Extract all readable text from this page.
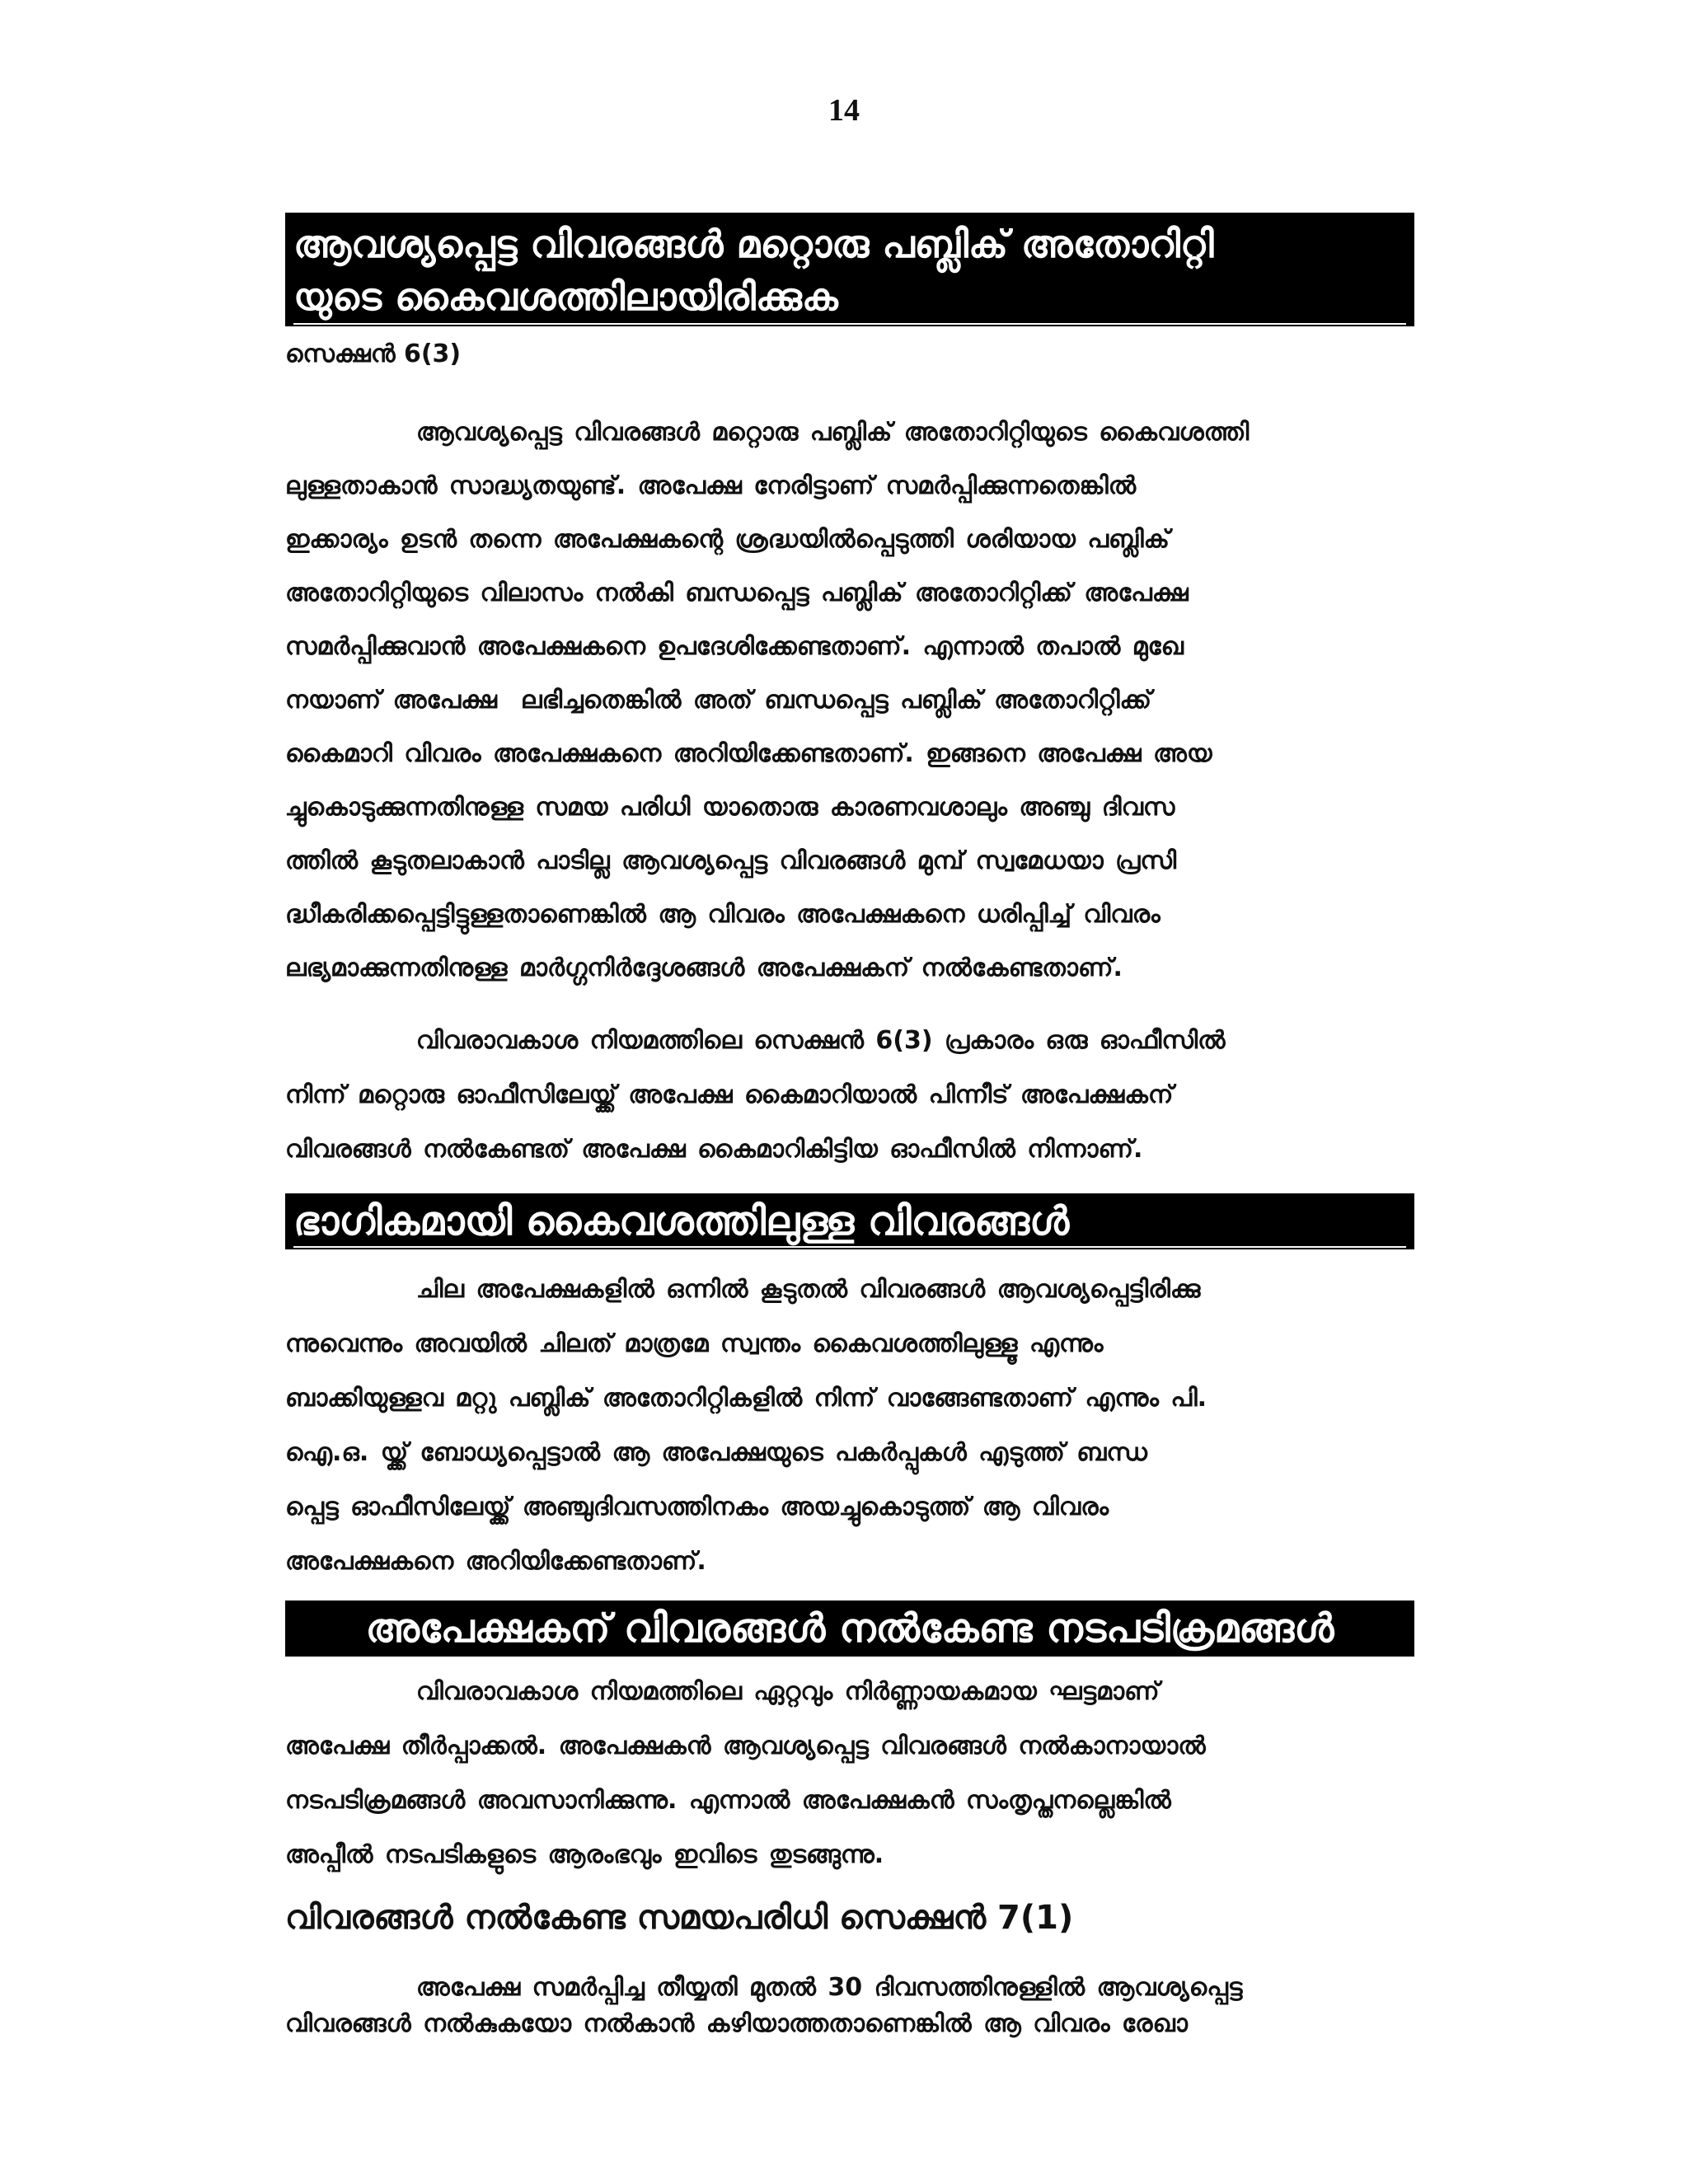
14
ആവശ്യപ്പെട്ട വിവരങ്ങൾ മറ്റൊരു പബ്ലിക് അതോറിറ്റി
യുടെ കൈവശത്തിലായിരിക്കുക
സെക്ഷൻ 6(3)
ആവശ്യപ്പെട്ട വിവരങ്ങൾ മറ്റൊരു പബ്ലിക് അതോറിറ്റിയുടെ കൈവശത്തി
ലുള്ളതാകാൻ സാദ്ധ്യതയുണ്ട്. അപേക്ഷ നേരിട്ടാണ് സമർപ്പിക്കുന്നതെങ്കിൽ
ഇക്കാര്യം ഉടൻ തന്നെ അപേക്ഷകന്റെ ശ്രദ്ധയിൽപ്പെടുത്തി ശരിയായ പബ്ലിക്
അതോറിറ്റിയുടെ വിലാസം നൽകി ബന്ധപ്പെട്ട പബ്ലിക് അതോറിറ്റിക്ക് അപേക്ഷ
സമർപ്പിക്കുവാൻ അപേക്ഷകനെ ഉപദേശിക്കേണ്ടതാണ്. എന്നാൽ തപാൽ മുഖേ
നയാണ് അപേക്ഷ  ലഭിച്ചതെങ്കിൽ അത് ബന്ധപ്പെട്ട പബ്ലിക് അതോറിറ്റിക്ക്
കൈമാറി വിവരം അപേക്ഷകനെ അറിയിക്കേണ്ടതാണ്. ഇങ്ങനെ അപേക്ഷ അയ
ച്ചുകൊടുക്കുന്നതിനുള്ള സമയ പരിധി യാതൊരു കാരണവശാലും അഞ്ചു ദിവസ
ത്തിൽ കൂടുതലാകാൻ പാടില്ല ആവശ്യപ്പെട്ട വിവരങ്ങൾ മുമ്പ് സ്വമേധയാ പ്രസി
ദ്ധീകരിക്കപ്പെട്ടിട്ടുള്ളതാണെങ്കിൽ ആ വിവരം അപേക്ഷകനെ ധരിപ്പിച്ച് വിവരം
ലഭ്യമാക്കുന്നതിനുള്ള മാർഗ്ഗനിർദ്ദേശങ്ങൾ അപേക്ഷകന് നൽകേണ്ടതാണ്.
വിവരാവകാശ നിയമത്തിലെ സെക്ഷൻ 6(3) പ്രകാരം ഒരു ഓഫീസിൽ
നിന്ന് മറ്റൊരു ഓഫീസിലേയ്ക്ക് അപേക്ഷ കൈമാറിയാൽ പിന്നീട് അപേക്ഷകന്
വിവരങ്ങൾ നൽകേണ്ടത് അപേക്ഷ കൈമാറികിട്ടിയ ഓഫീസിൽ നിന്നാണ്.
ഭാഗികമായി കൈവശത്തിലുള്ള വിവരങ്ങൾ
ചില അപേക്ഷകളിൽ ഒന്നിൽ കൂടുതൽ വിവരങ്ങൾ ആവശ്യപ്പെട്ടിരിക്കു
ന്നുവെന്നും അവയിൽ ചിലത് മാത്രമേ സ്വന്തം കൈവശത്തിലുള്ളൂ എന്നും
ബാക്കിയുള്ളവ മറ്റു പബ്ലിക് അതോറിറ്റികളിൽ നിന്ന് വാങ്ങേണ്ടതാണ് എന്നും പി.
ഐ.ഒ. യ്ക്ക് ബോധ്യപ്പെട്ടാൽ ആ അപേക്ഷയുടെ പകർപ്പുകൾ എടുത്ത് ബന്ധ
പ്പെട്ട ഓഫീസിലേയ്ക്ക് അഞ്ചുദിവസത്തിനകം അയച്ചുകൊടുത്ത് ആ വിവരം
അപേക്ഷകനെ അറിയിക്കേണ്ടതാണ്.
അപേക്ഷകന് വിവരങ്ങൾ നൽകേണ്ട നടപടിക്രമങ്ങൾ
വിവരാവകാശ നിയമത്തിലെ ഏറ്റവും നിർണ്ണായകമായ ഘട്ടമാണ്
അപേക്ഷ തീർപ്പാക്കൽ. അപേക്ഷകൻ ആവശ്യപ്പെട്ട വിവരങ്ങൾ നൽകാനായാൽ
നടപടിക്രമങ്ങൾ അവസാനിക്കുന്നു. എന്നാൽ അപേക്ഷകൻ സംതൃപ്തനല്ലെങ്കിൽ
അപ്പീൽ നടപടികളുടെ ആരംഭവും ഇവിടെ തുടങ്ങുന്നു.
വിവരങ്ങൾ നൽകേണ്ട സമയപരിധി സെക്ഷൻ 7(1)
അപേക്ഷ സമർപ്പിച്ച തീയ്യതി മുതൽ 30 ദിവസത്തിനുള്ളിൽ ആവശ്യപ്പെട്ട
വിവരങ്ങൾ നൽകുകയോ നൽകാൻ കഴിയാത്തതാണെങ്കിൽ ആ വിവരം രേഖാ
